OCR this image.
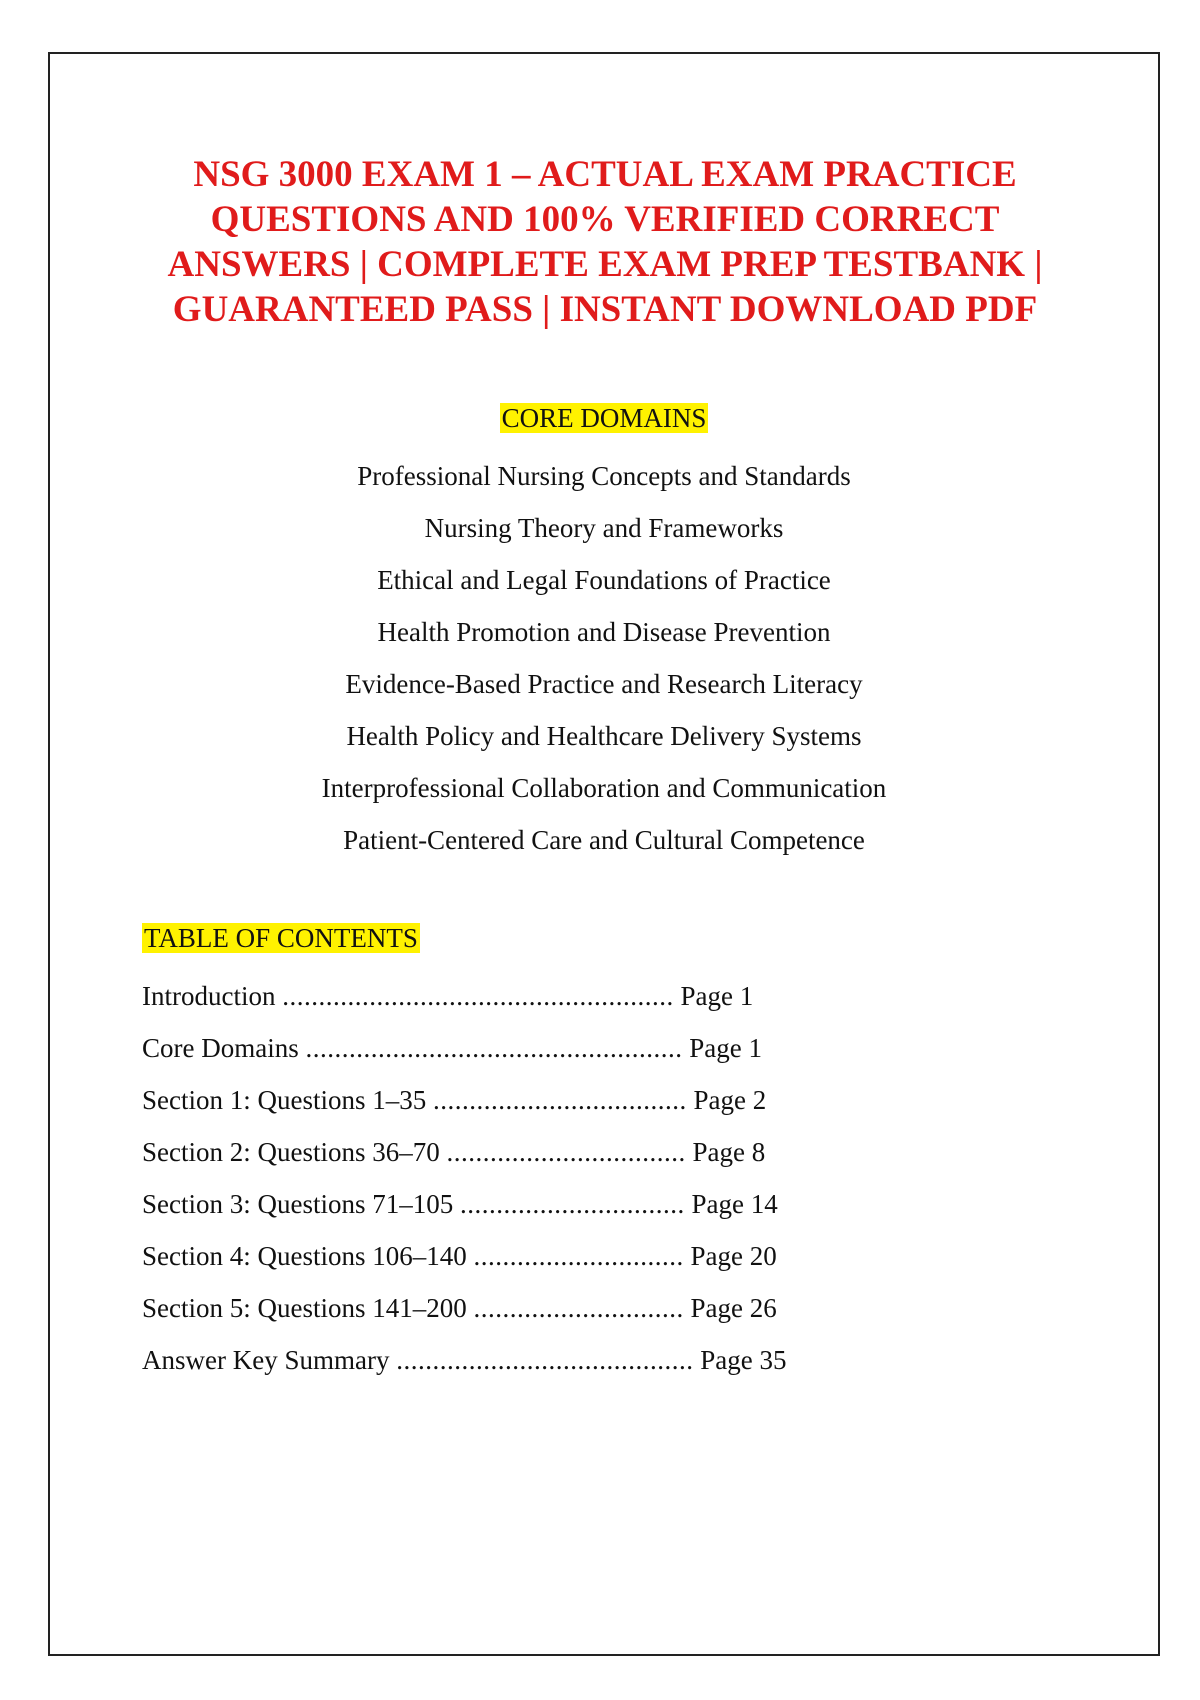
NSG 3000 EXAM 1 – ACTUAL EXAM PRACTICE
QUESTIONS AND 100% VERIFIED CORRECT
ANSWERS | COMPLETE EXAM PREP TESTBANK |
GUARANTEED PASS | INSTANT DOWNLOAD PDF
CORE DOMAINS
Professional Nursing Concepts and Standards
Nursing Theory and Frameworks
Ethical and Legal Foundations of Practice
Health Promotion and Disease Prevention
Evidence-Based Practice and Research Literacy
Health Policy and Healthcare Delivery Systems
Interprofessional Collaboration and Communication
Patient-Centered Care and Cultural Competence
TABLE OF CONTENTS
Introduction ...................................................... Page 1
Core Domains .................................................... Page 1
Section 1: Questions 1–35 ................................... Page 2
Section 2: Questions 36–70 ................................. Page 8
Section 3: Questions 71–105 ............................... Page 14
Section 4: Questions 106–140 ............................. Page 20
Section 5: Questions 141–200 ............................. Page 26
Answer Key Summary ......................................... Page 35
